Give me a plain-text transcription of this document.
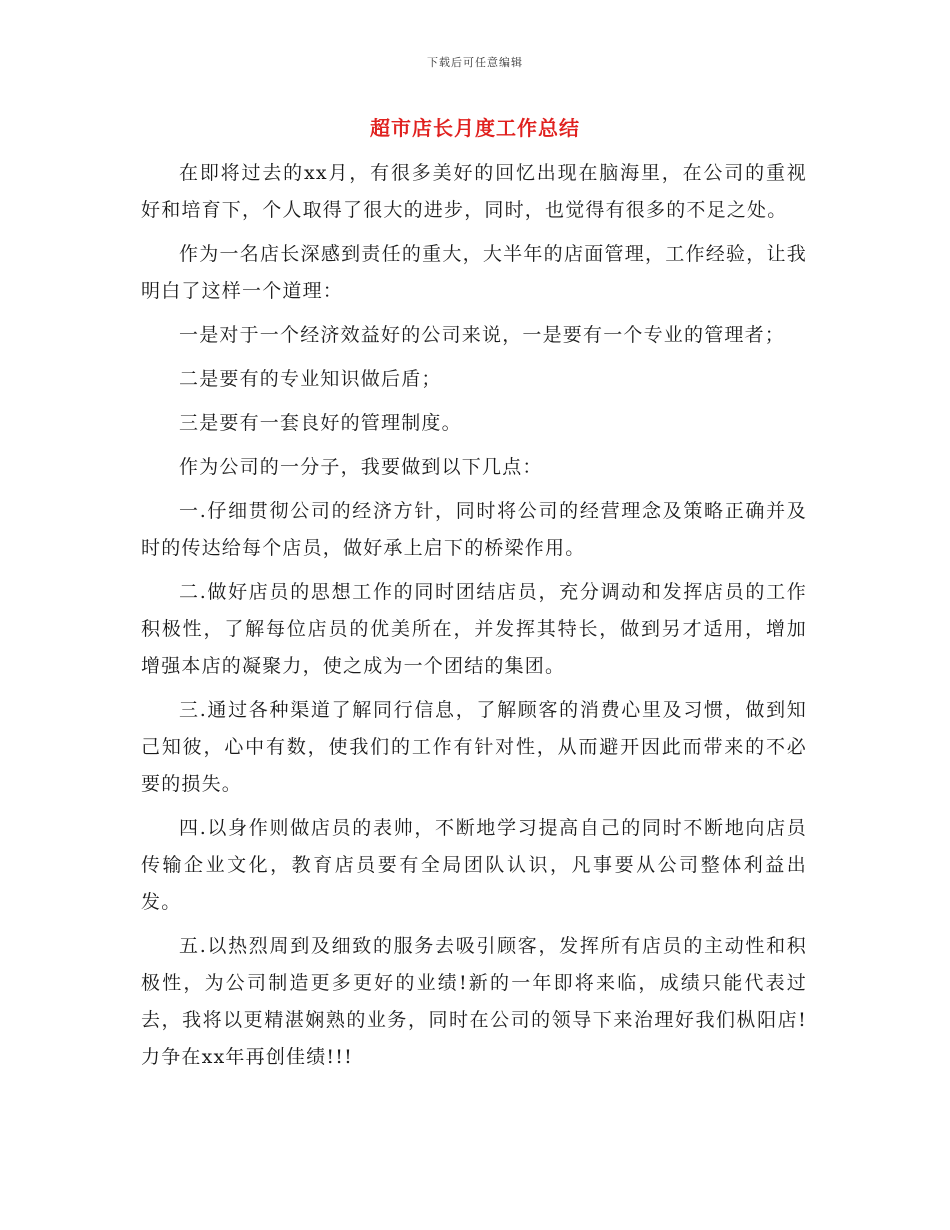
下载后可任意编辑
超市店长月度工作总结

在即将过去的xx月，有很多美好的回忆出现在脑海里，在公司的重视好和培育下，个人取得了很大的进步，同时，也觉得有很多的不足之处。

作为一名店长深感到责任的重大，大半年的店面管理，工作经验，让我明白了这样一个道理：

一是对于一个经济效益好的公司来说，一是要有一个专业的管理者；

二是要有的专业知识做后盾；

三是要有一套良好的管理制度。

作为公司的一分子，我要做到以下几点：

一.仔细贯彻公司的经济方针，同时将公司的经营理念及策略正确并及时的传达给每个店员，做好承上启下的桥梁作用。

二.做好店员的思想工作的同时团结店员，充分调动和发挥店员的工作积极性，了解每位店员的优美所在，并发挥其特长，做到另才适用，增加增强本店的凝聚力，使之成为一个团结的集团。

三.通过各种渠道了解同行信息，了解顾客的消费心里及习惯，做到知己知彼，心中有数，使我们的工作有针对性，从而避开因此而带来的不必要的损失。

四.以身作则做店员的表帅，不断地学习提高自己的同时不断地向店员传输企业文化，教育店员要有全局团队认识，凡事要从公司整体利益出发。

五.以热烈周到及细致的服务去吸引顾客，发挥所有店员的主动性和积极性，为公司制造更多更好的业绩!新的一年即将来临，成绩只能代表过去，我将以更精湛娴熟的业务，同时在公司的领导下来治理好我们枞阳店!力争在xx年再创佳绩!!!
